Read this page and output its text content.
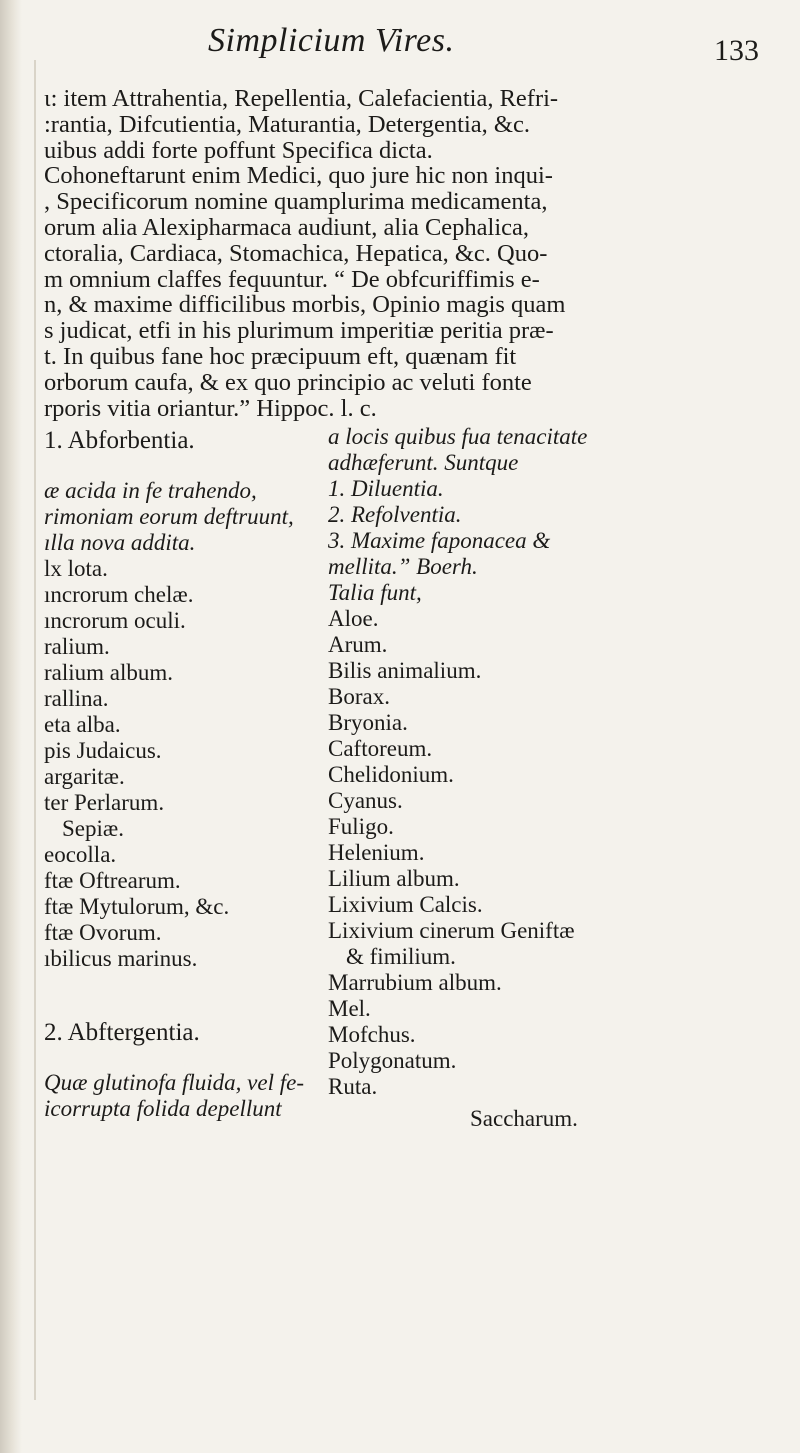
Simplicium Vires.	133
ι: item Attrahentia, Repellentia, Calefacientia, Refri-
:rantia, Difcutientia, Maturantia, Detergentia, &c.
uibus addi forte poffunt Specifica dicta.
Cohoneftarunt enim Medici, quo jure hic non inqui-
, Specificorum nomine quamplurima medicamenta,
orum alia Alexipharmaca audiunt, alia Cephalica,
ctoralia, Cardiaca, Stomachica, Hepatica, &c. Quo-
m omnium claffes fequuntur. “ De obfcuriffimis e-
n, & maxime difficilibus morbis, Opinio magis quam
s judicat, etfi in his plurimum imperitiæ peritia præ-
t. In quibus fane hoc præcipuum eft, quænam fit
orborum caufa, & ex quo principio ac veluti fonte
rporis vitia oriantur.” Hippoc. l. c.
1. Abforbentia.
æ acida in fe trahendo,
rimoniam eorum deftruunt,
ılla nova addita.
lx lota.
ıncrorum chelæ.
ıncrorum oculi.
ralium.
ralium album.
rallina.
eta alba.
pis Judaicus.
argaritæ.
ter Perlarum.
Sepiæ.
eocolla.
ftæ Oftrearum.
ftæ Mytulorum, &c.
ftæ Ovorum.
ıbilicus marinus.
2. Abftergentia.
Quæ glutinofa fluida, vel fe-
icorrupta folida depellunt
a locis quibus fua tenacitate
adhæferunt. Suntque
1. Diluentia.
2. Refolventia.
3. Maxime faponacea &
mellita.” Boerh.
Talia funt,
Aloe.
Arum.
Bilis animalium.
Borax.
Bryonia.
Caftoreum.
Chelidonium.
Cyanus.
Fuligo.
Helenium.
Lilium album.
Lixivium Calcis.
Lixivium cinerum Geniftæ
& fimilium.
Marrubium album.
Mel.
Mofchus.
Polygonatum.
Ruta.
Saccharum.
